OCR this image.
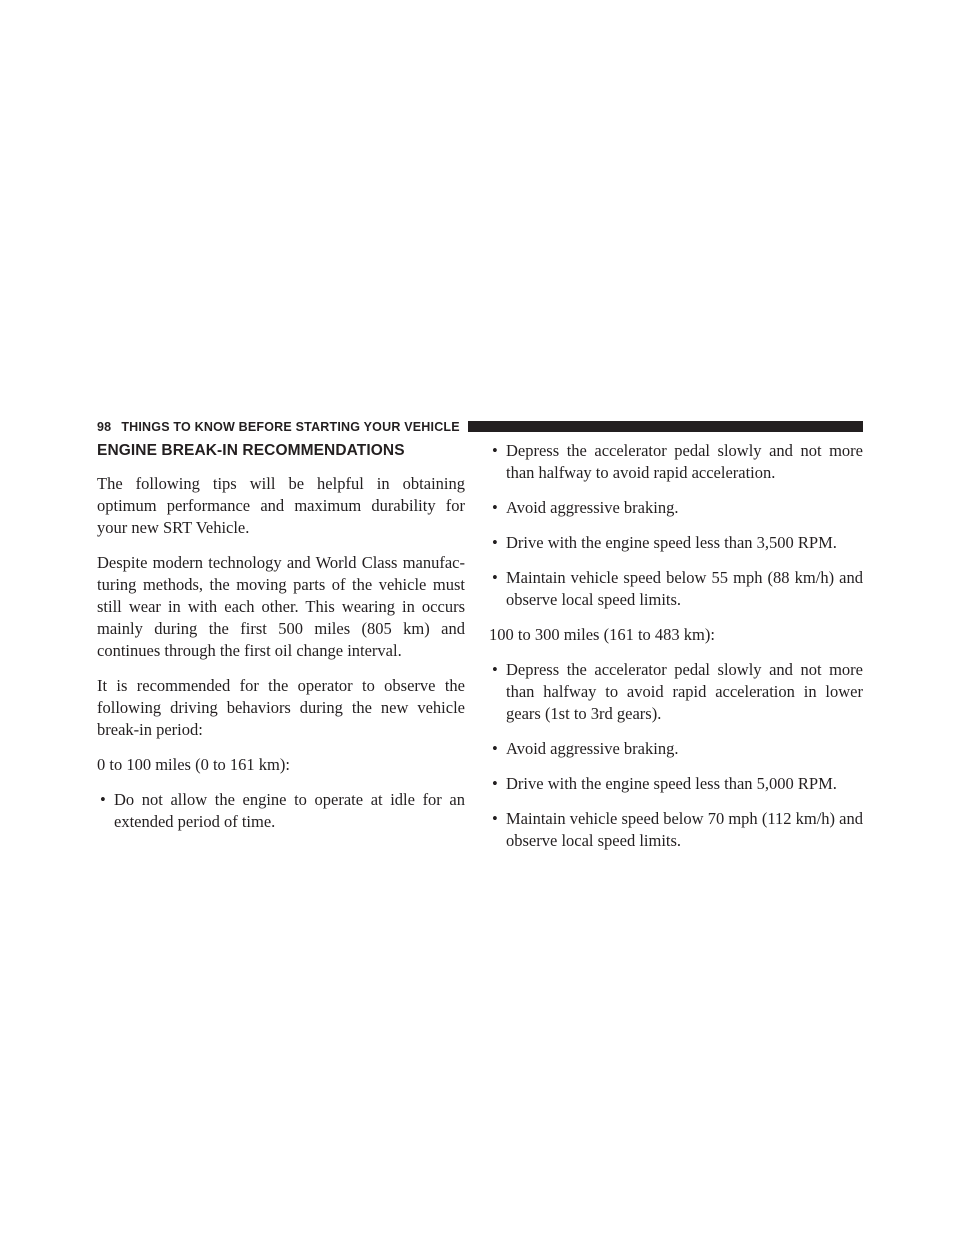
98 THINGS TO KNOW BEFORE STARTING YOUR VEHICLE
ENGINE BREAK-IN RECOMMENDATIONS

The following tips will be helpful in obtaining optimum performance and maximum durability for your new SRT Vehicle.

Despite modern technology and World Class manufacturing methods, the moving parts of the vehicle must still wear in with each other. This wearing in occurs mainly during the first 500 miles (805 km) and continues through the first oil change interval.

It is recommended for the operator to observe the following driving behaviors during the new vehicle break-in period:

0 to 100 miles (0 to 161 km):
• Do not allow the engine to operate at idle for an extended period of time.
• Depress the accelerator pedal slowly and not more than halfway to avoid rapid acceleration.
• Avoid aggressive braking.
• Drive with the engine speed less than 3,500 RPM.
• Maintain vehicle speed below 55 mph (88 km/h) and observe local speed limits.
100 to 300 miles (161 to 483 km):
• Depress the accelerator pedal slowly and not more than halfway to avoid rapid acceleration in lower gears (1st to 3rd gears).
• Avoid aggressive braking.
• Drive with the engine speed less than 5,000 RPM.
• Maintain vehicle speed below 70 mph (112 km/h) and observe local speed limits.
